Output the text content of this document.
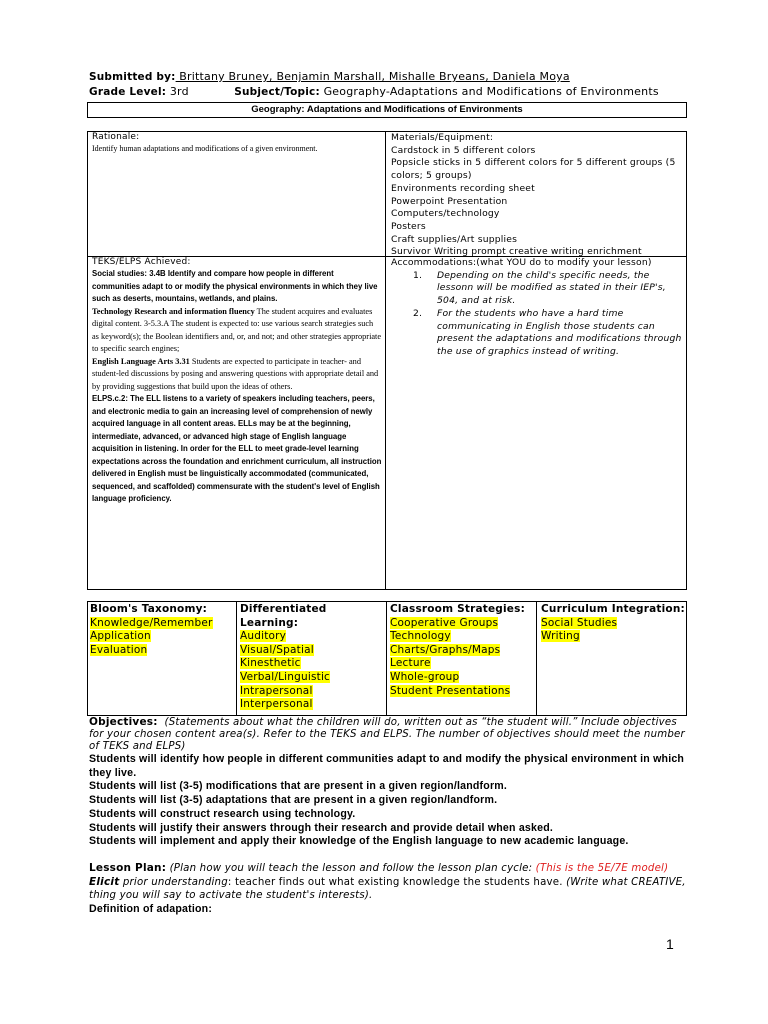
Submitted by: Brittany Bruney, Benjamin Marshall, Mishalle Bryeans, Daniela Moya
Grade Level: 3rd	Subject/Topic: Geography-Adaptations and Modifications of Environments
Geography: Adaptations and Modifications of Environments
Rationale:
Identify human adaptations and modifications of a given environment.
Materials/Equipment:
Cardstock in 5 different colors
Popsicle sticks in 5 different colors for 5 different groups (5 colors; 5 groups)
Environments recording sheet
Powerpoint Presentation
Computers/technology
Posters
Craft supplies/Art supplies
Survivor Writing prompt creative writing enrichment
TEKS/ELPS Achieved:
Social studies: 3.4B Identify and compare how people in different communities adapt to or modify the physical environments in which they live such as deserts, mountains, wetlands, and plains.
Technology Research and information fluency The student acquires and evaluates digital content. 3-5.3.A The student is expected to: use various search strategies such as keyword(s); the Boolean identifiers and, or, and not; and other strategies appropriate to specific search engines;
English Language Arts 3.31 Students are expected to participate in teacher- and student-led discussions by posing and answering questions with appropriate detail and by providing suggestions that build upon the ideas of others.
ELPS.c.2: The ELL listens to a variety of speakers including teachers, peers, and electronic media to gain an increasing level of comprehension of newly acquired language in all content areas. ELLs may be at the beginning, intermediate, advanced, or advanced high stage of English language acquisition in listening. In order for the ELL to meet grade-level learning expectations across the foundation and enrichment curriculum, all instruction delivered in English must be linguistically accommodated (communicated, sequenced, and scaffolded) commensurate with the student's level of English language proficiency.
Accommodations:(what YOU do to modify your lesson)
1. Depending on the child's specific needs, the lessonn will be modified as stated in their IEP's, 504, and at risk.
2. For the students who have a hard time communicating in English those students can present the adaptations and modifications through the use of graphics instead of writing.
Bloom's Taxonomy:
Knowledge/Remember
Application
Evaluation
Differentiated Learning:
Auditory
Visual/Spatial
Kinesthetic
Verbal/Linguistic
Intrapersonal
Interpersonal
Classroom Strategies:
Cooperative Groups
Technology
Charts/Graphs/Maps
Lecture
Whole-group
Student Presentations
Curriculum Integration:
Social Studies
Writing
Objectives: (Statements about what the children will do, written out as “the student will.” Include objectives for your chosen content area(s). Refer to the TEKS and ELPS. The number of objectives should meet the number of TEKS and ELPS)
Students will identify how people in different communities adapt to and modify the physical environment in which they live.
Students will list (3-5) modifications that are present in a given region/landform.
Students will list (3-5) adaptations that are present in a given region/landform.
Students will construct research using technology.
Students will justify their answers through their research and provide detail when asked.
Students will implement and apply their knowledge of the English language to new academic language.
Lesson Plan: (Plan how you will teach the lesson and follow the lesson plan cycle: (This is the 5E/7E model)
Elicit prior understanding: teacher finds out what existing knowledge the students have. (Write what CREATIVE, thing you will say to activate the student's interests).
Definition of adapation:
1
